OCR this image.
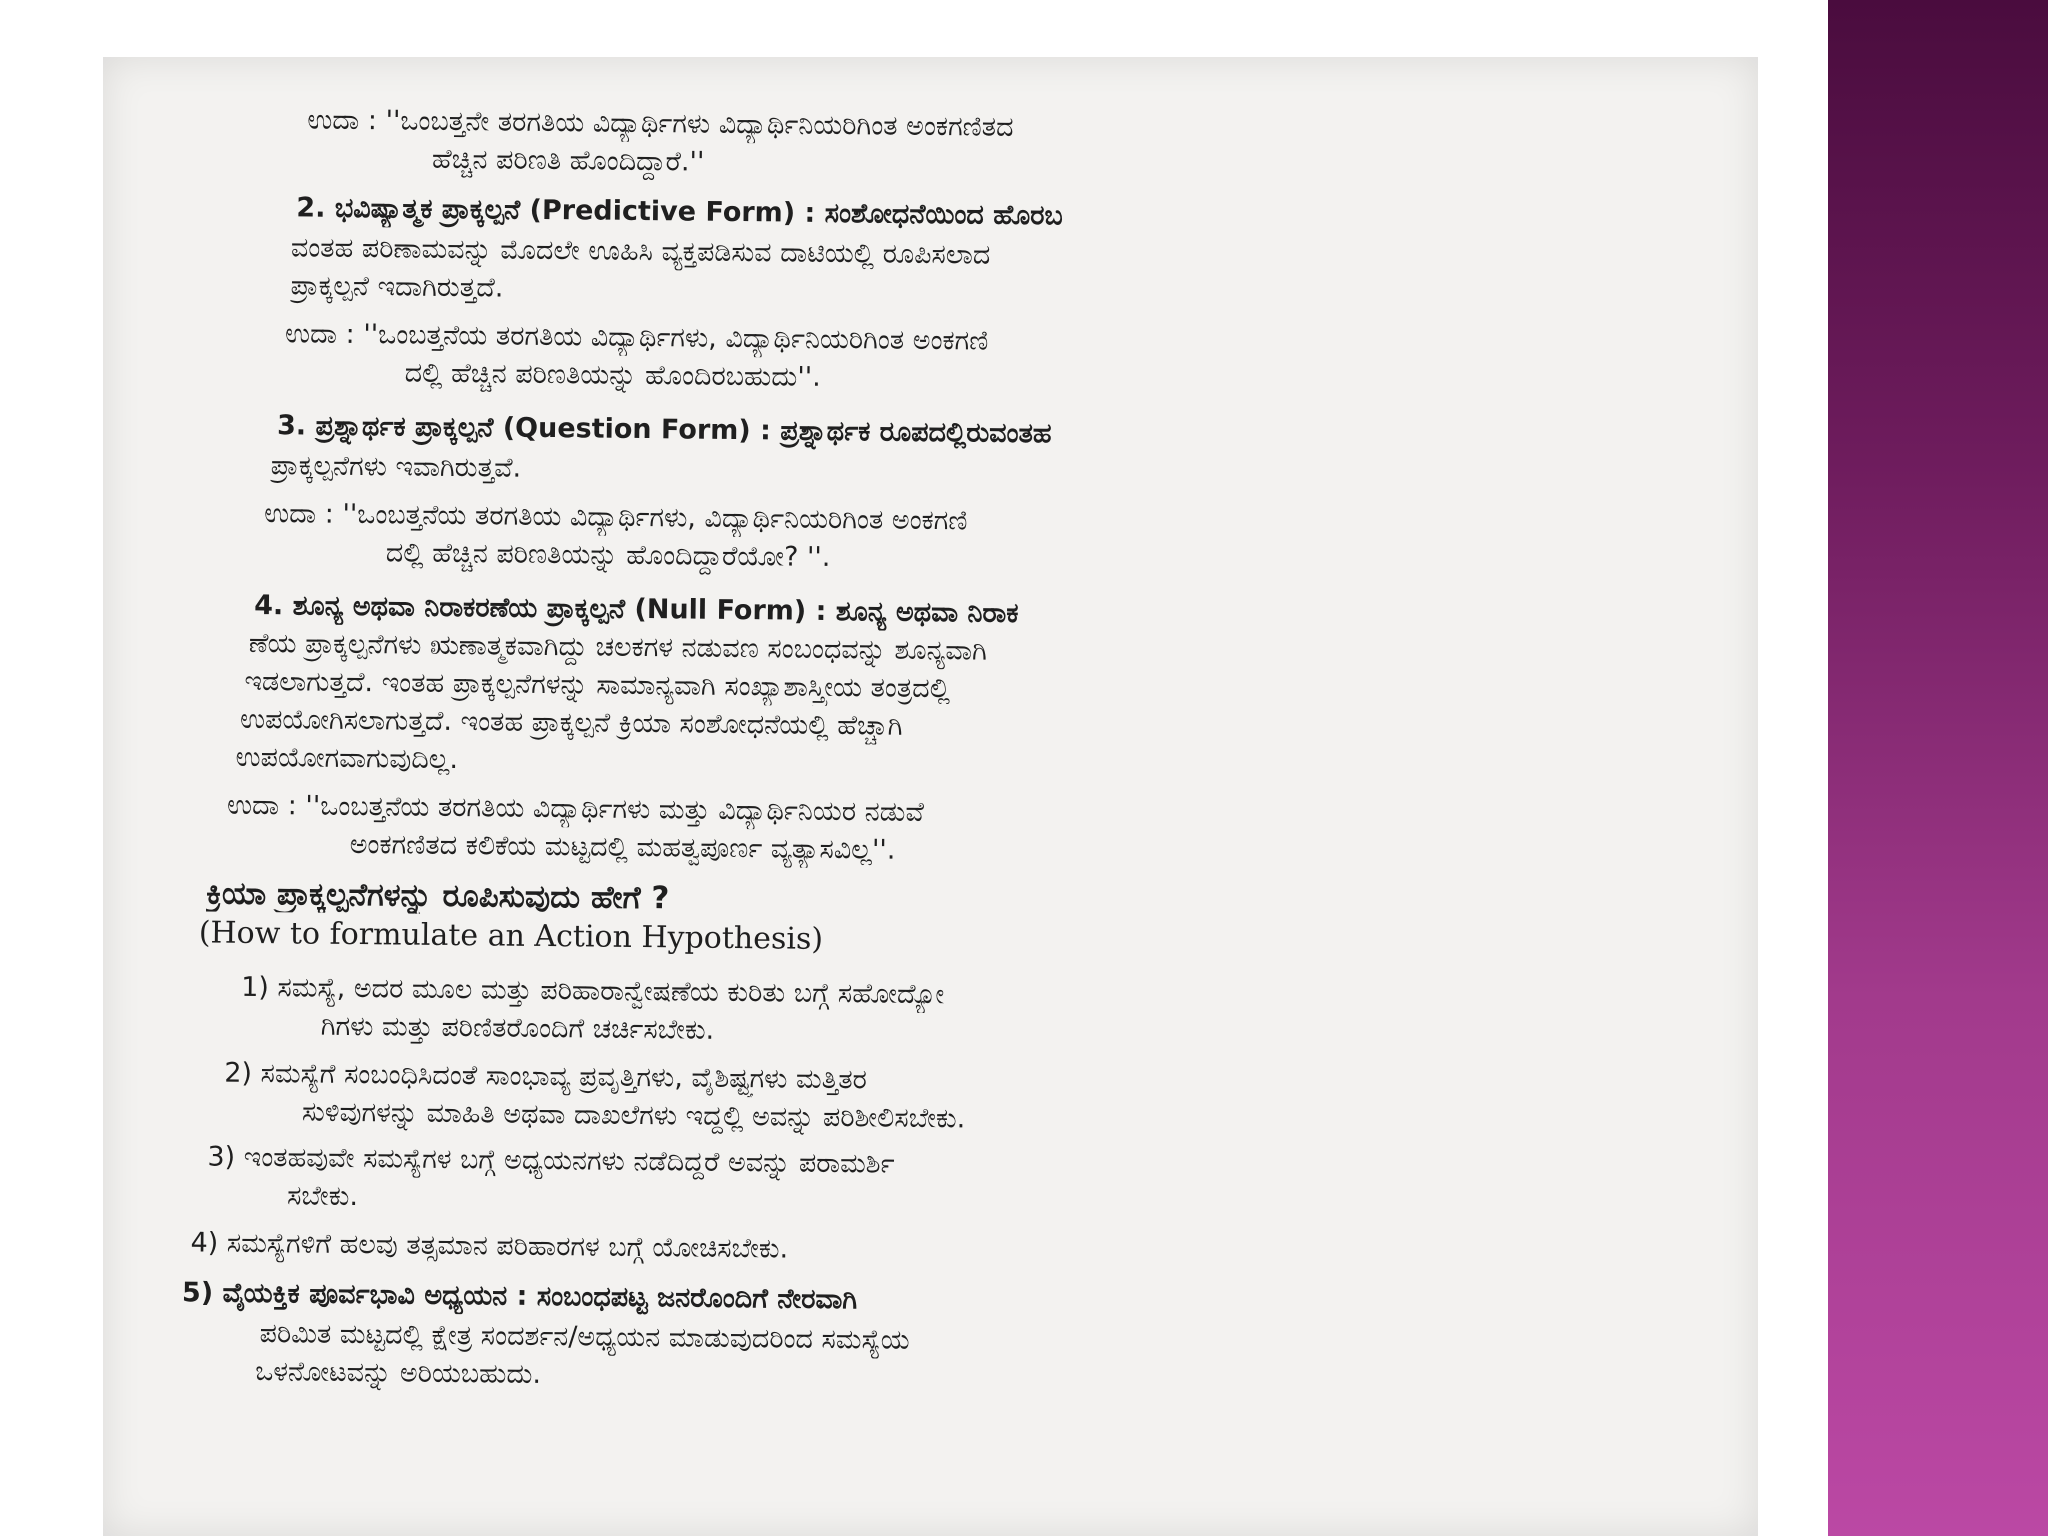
ಉದಾ : ''ಒಂಬತ್ತನೇ ತರಗತಿಯ ವಿದ್ಯಾರ್ಥಿಗಳು ವಿದ್ಯಾರ್ಥಿನಿಯರಿಗಿಂತ ಅಂಕಗಣಿತದ
ಹೆಚ್ಚಿನ ಪರಿಣತಿ ಹೊಂದಿದ್ದಾರೆ.''
2. ಭವಿಷ್ಯಾತ್ಮಕ ಪ್ರಾಕ್ಕಲ್ಪನೆ (Predictive Form) : ಸಂಶೋಧನೆಯಿಂದ ಹೊರಬ
ವಂತಹ ಪರಿಣಾಮವನ್ನು ಮೊದಲೇ ಊಹಿಸಿ ವ್ಯಕ್ತಪಡಿಸುವ ದಾಟಿಯಲ್ಲಿ ರೂಪಿಸಲಾದ
ಪ್ರಾಕ್ಕಲ್ಪನೆ ಇದಾಗಿರುತ್ತದೆ.
ಉದಾ : ''ಒಂಬತ್ತನೆಯ ತರಗತಿಯ ವಿದ್ಯಾರ್ಥಿಗಳು, ವಿದ್ಯಾರ್ಥಿನಿಯರಿಗಿಂತ ಅಂಕಗಣಿ
ದಲ್ಲಿ ಹೆಚ್ಚಿನ ಪರಿಣತಿಯನ್ನು ಹೊಂದಿರಬಹುದು''.
3. ಪ್ರಶ್ನಾರ್ಥಕ ಪ್ರಾಕ್ಕಲ್ಪನೆ (Question Form) : ಪ್ರಶ್ನಾರ್ಥಕ ರೂಪದಲ್ಲಿರುವಂತಹ
ಪ್ರಾಕ್ಕಲ್ಪನೆಗಳು ಇವಾಗಿರುತ್ತವೆ.
ಉದಾ : ''ಒಂಬತ್ತನೆಯ ತರಗತಿಯ ವಿದ್ಯಾರ್ಥಿಗಳು, ವಿದ್ಯಾರ್ಥಿನಿಯರಿಗಿಂತ ಅಂಕಗಣಿ
ದಲ್ಲಿ ಹೆಚ್ಚಿನ ಪರಿಣತಿಯನ್ನು ಹೊಂದಿದ್ದಾರೆಯೋ? ''.
4. ಶೂನ್ಯ ಅಥವಾ ನಿರಾಕರಣೆಯ ಪ್ರಾಕ್ಕಲ್ಪನೆ (Null Form) : ಶೂನ್ಯ ಅಥವಾ ನಿರಾಕ
ಣೆಯ ಪ್ರಾಕ್ಕಲ್ಪನೆಗಳು ಋಣಾತ್ಮಕವಾಗಿದ್ದು ಚಲಕಗಳ ನಡುವಣ ಸಂಬಂಧವನ್ನು ಶೂನ್ಯವಾಗಿ
ಇಡಲಾಗುತ್ತದೆ. ಇಂತಹ ಪ್ರಾಕ್ಕಲ್ಪನೆಗಳನ್ನು ಸಾಮಾನ್ಯವಾಗಿ ಸಂಖ್ಯಾಶಾಸ್ತ್ರೀಯ ತಂತ್ರದಲ್ಲಿ
ಉಪಯೋಗಿಸಲಾಗುತ್ತದೆ. ಇಂತಹ ಪ್ರಾಕ್ಕಲ್ಪನೆ ಕ್ರಿಯಾ ಸಂಶೋಧನೆಯಲ್ಲಿ ಹೆಚ್ಚಾಗಿ
ಉಪಯೋಗವಾಗುವುದಿಲ್ಲ.
ಉದಾ : ''ಒಂಬತ್ತನೆಯ ತರಗತಿಯ ವಿದ್ಯಾರ್ಥಿಗಳು ಮತ್ತು ವಿದ್ಯಾರ್ಥಿನಿಯರ ನಡುವೆ
ಅಂಕಗಣಿತದ ಕಲಿಕೆಯ ಮಟ್ಟದಲ್ಲಿ ಮಹತ್ವಪೂರ್ಣ ವ್ಯತ್ಯಾಸವಿಲ್ಲ''.
ಕ್ರಿಯಾ ಪ್ರಾಕ್ಕಲ್ಪನೆಗಳನ್ನು ರೂಪಿಸುವುದು ಹೇಗೆ ?
(How to formulate an Action Hypothesis)
1) ಸಮಸ್ಯೆ, ಅದರ ಮೂಲ ಮತ್ತು ಪರಿಹಾರಾನ್ವೇಷಣೆಯ ಕುರಿತು ಬಗ್ಗೆ ಸಹೋದ್ಯೋ
ಗಿಗಳು ಮತ್ತು ಪರಿಣಿತರೊಂದಿಗೆ ಚರ್ಚಿಸಬೇಕು.
2) ಸಮಸ್ಯೆಗೆ ಸಂಬಂಧಿಸಿದಂತೆ ಸಾಂಭಾವ್ಯ ಪ್ರವೃತ್ತಿಗಳು, ವೈಶಿಷ್ಟ್ಯಗಳು ಮತ್ತಿತರ
ಸುಳಿವುಗಳನ್ನು ಮಾಹಿತಿ ಅಥವಾ ದಾಖಲೆಗಳು ಇದ್ದಲ್ಲಿ ಅವನ್ನು ಪರಿಶೀಲಿಸಬೇಕು.
3) ಇಂತಹವುವೇ ಸಮಸ್ಯೆಗಳ ಬಗ್ಗೆ ಅಧ್ಯಯನಗಳು ನಡೆದಿದ್ದರೆ ಅವನ್ನು ಪರಾಮರ್ಶಿ
ಸಬೇಕು.
4) ಸಮಸ್ಯೆಗಳಿಗೆ ಹಲವು ತತ್ಸಮಾನ ಪರಿಹಾರಗಳ ಬಗ್ಗೆ ಯೋಚಿಸಬೇಕು.
5) ವೈಯಕ್ತಿಕ ಪೂರ್ವಭಾವಿ ಅಧ್ಯಯನ : ಸಂಬಂಧಪಟ್ಟ ಜನರೊಂದಿಗೆ ನೇರವಾಗಿ
ಪರಿಮಿತ ಮಟ್ಟದಲ್ಲಿ ಕ್ಷೇತ್ರ ಸಂದರ್ಶನ/ಅಧ್ಯಯನ ಮಾಡುವುದರಿಂದ ಸಮಸ್ಯೆಯ
ಒಳನೋಟವನ್ನು ಅರಿಯಬಹುದು.
